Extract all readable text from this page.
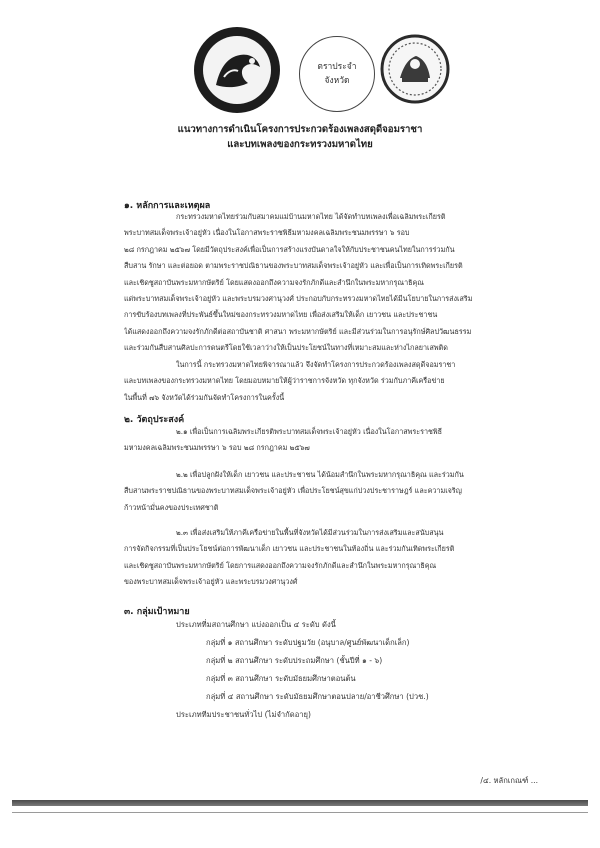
ตราประจำ
จังหวัด
แนวทางการดำเนินโครงการประกวดร้องเพลงสดุดีจอมราชา
และบทเพลงของกระทรวงมหาดไทย
๑. หลักการและเหตุผล
กระทรวงมหาดไทยร่วมกับสมาคมแม่บ้านมหาดไทย ได้จัดทำบทเพลงเพื่อเฉลิมพระเกียรติ
พระบาทสมเด็จพระเจ้าอยู่หัว เนื่องในโอกาสพระราชพิธีมหามงคลเฉลิมพระชนมพรรษา ๖ รอบ
๒๘ กรกฎาคม ๒๕๖๗ โดยมีวัตถุประสงค์เพื่อเป็นการสร้างแรงบันดาลใจให้กับประชาชนคนไทยในการร่วมกัน
สืบสาน รักษา และต่อยอด ตามพระราชปณิธานของพระบาทสมเด็จพระเจ้าอยู่หัว และเพื่อเป็นการเทิดพระเกียรติ
และเชิดชูสถาบันพระมหากษัตริย์ โดยแสดงออกถึงความจงรักภักดีและสำนึกในพระมหากรุณาธิคุณ
แด่พระบาทสมเด็จพระเจ้าอยู่หัว และพระบรมวงศานุวงศ์ ประกอบกับกระทรวงมหาดไทยได้มีนโยบายในการส่งเสริม
การขับร้องบทเพลงที่ประพันธ์ขึ้นใหม่ของกระทรวงมหาดไทย เพื่อส่งเสริมให้เด็ก เยาวชน และประชาชน
ได้แสดงออกถึงความจงรักภักดีต่อสถาบันชาติ ศาสนา พระมหากษัตริย์ และมีส่วนร่วมในการอนุรักษ์ศิลปวัฒนธรรม
และร่วมกันสืบสานศิลปะการดนตรีโดยใช้เวลาว่างให้เป็นประโยชน์ในทางที่เหมาะสมและห่างไกลยาเสพติด
ในการนี้ กระทรวงมหาดไทยพิจารณาแล้ว จึงจัดทำโครงการประกวดร้องเพลงสดุดีจอมราชา
และบทเพลงของกระทรวงมหาดไทย โดยมอบหมายให้ผู้ว่าราชการจังหวัด ทุกจังหวัด ร่วมกับภาคีเครือข่าย
ในพื้นที่ ๗๖ จังหวัดได้ร่วมกันจัดทำโครงการในครั้งนี้
๒. วัตถุประสงค์
๒.๑ เพื่อเป็นการเฉลิมพระเกียรติพระบาทสมเด็จพระเจ้าอยู่หัว เนื่องในโอกาสพระราชพิธี
มหามงคลเฉลิมพระชนมพรรษา ๖ รอบ ๒๘ กรกฎาคม ๒๕๖๗
๒.๒ เพื่อปลูกฝังให้เด็ก เยาวชน และประชาชน ได้น้อมสำนึกในพระมหากรุณาธิคุณ และร่วมกัน
สืบสานพระราชปณิธานของพระบาทสมเด็จพระเจ้าอยู่หัว เพื่อประโยชน์สุขแก่ปวงประชาราษฎร์ และความเจริญ
ก้าวหน้ามั่นคงของประเทศชาติ
๒.๓ เพื่อส่งเสริมให้ภาคีเครือข่ายในพื้นที่จังหวัดได้มีส่วนร่วมในการส่งเสริมและสนับสนุน
การจัดกิจกรรมที่เป็นประโยชน์ต่อการพัฒนาเด็ก เยาวชน และประชาชนในท้องถิ่น และร่วมกันเทิดพระเกียรติ
และเชิดชูสถาบันพระมหากษัตริย์ โดยการแสดงออกถึงความจงรักภักดีและสำนึกในพระมหากรุณาธิคุณ
ของพระบาทสมเด็จพระเจ้าอยู่หัว และพระบรมวงศานุวงศ์
๓. กลุ่มเป้าหมาย
ประเภทที่มสถานศึกษา แบ่งออกเป็น ๔ ระดับ ดังนี้
กลุ่มที่ ๑ สถานศึกษา ระดับปฐมวัย (อนุบาล/ศูนย์พัฒนาเด็กเล็ก)
กลุ่มที่ ๒ สถานศึกษา ระดับประถมศึกษา (ชั้นปีที่ ๑ - ๖)
กลุ่มที่ ๓ สถานศึกษา ระดับมัธยมศึกษาตอนต้น
กลุ่มที่ ๔ สถานศึกษา ระดับมัธยมศึกษาตอนปลาย/อาชีวศึกษา (ปวช.)
ประเภททีมประชาชนทั่วไป (ไม่จำกัดอายุ)
/๔. หลักเกณฑ์ ...
